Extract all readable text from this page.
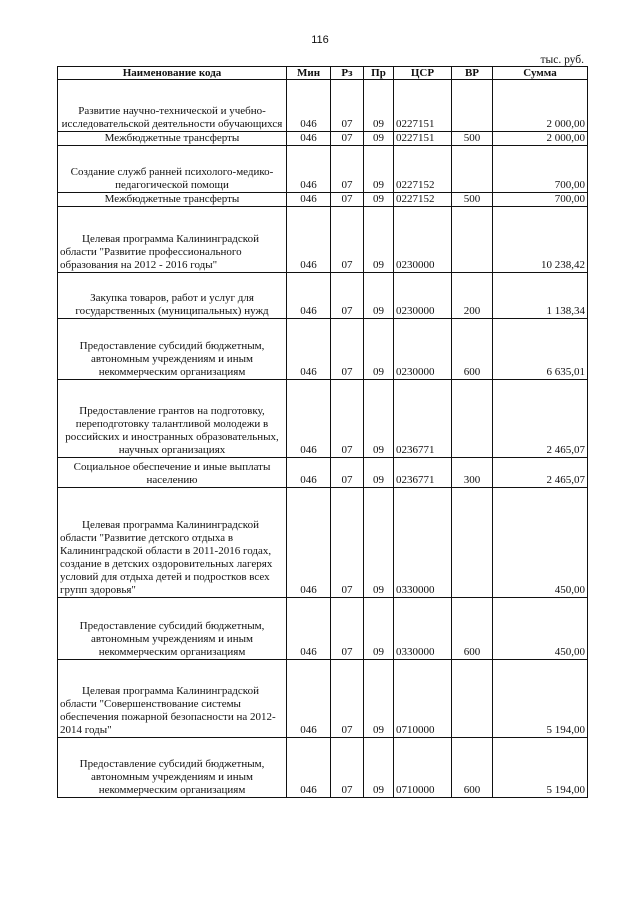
116
тыс. руб.
Наименование кода	Мин	Рз	Пр	ЦСР	ВР	Сумма

Развитие научно-технической и учебно-исследовательской деятельности обучающихся	046	07	09	0227151		2 000,00

Межбюджетные трансферты	046	07	09	0227151	500	2 000,00

Создание служб ранней психолого-медико-педагогической помощи	046	07	09	0227152		700,00

Межбюджетные трансферты	046	07	09	0227152	500	700,00

Целевая программа Калининградской области "Развитие профессионального образования на 2012 - 2016 годы"	046	07	09	0230000		10 238,42

Закупка товаров, работ и услуг для государственных (муниципальных) нужд	046	07	09	0230000	200	1 138,34

Предоставление субсидий бюджетным, автономным учреждениям и иным некоммерческим организациям	046	07	09	0230000	600	6 635,01

Предоставление грантов на подготовку, переподготовку талантливой молодежи в российских и иностранных образовательных, научных организациях	046	07	09	0236771		2 465,07

Социальное обеспечение и иные выплаты населению	046	07	09	0236771	300	2 465,07

Целевая программа Калининградской области "Развитие детского отдыха в Калининградской области в 2011-2016 годах, создание в детских оздоровительных лагерях условий для отдыха детей и подростков всех групп здоровья"	046	07	09	0330000		450,00

Предоставление субсидий бюджетным, автономным учреждениям и иным некоммерческим организациям	046	07	09	0330000	600	450,00

Целевая программа Калининградской области "Совершенствование системы обеспечения пожарной безопасности на 2012-2014 годы"	046	07	09	0710000		5 194,00

Предоставление субсидий бюджетным, автономным учреждениям и иным некоммерческим организациям	046	07	09	0710000	600	5 194,00
